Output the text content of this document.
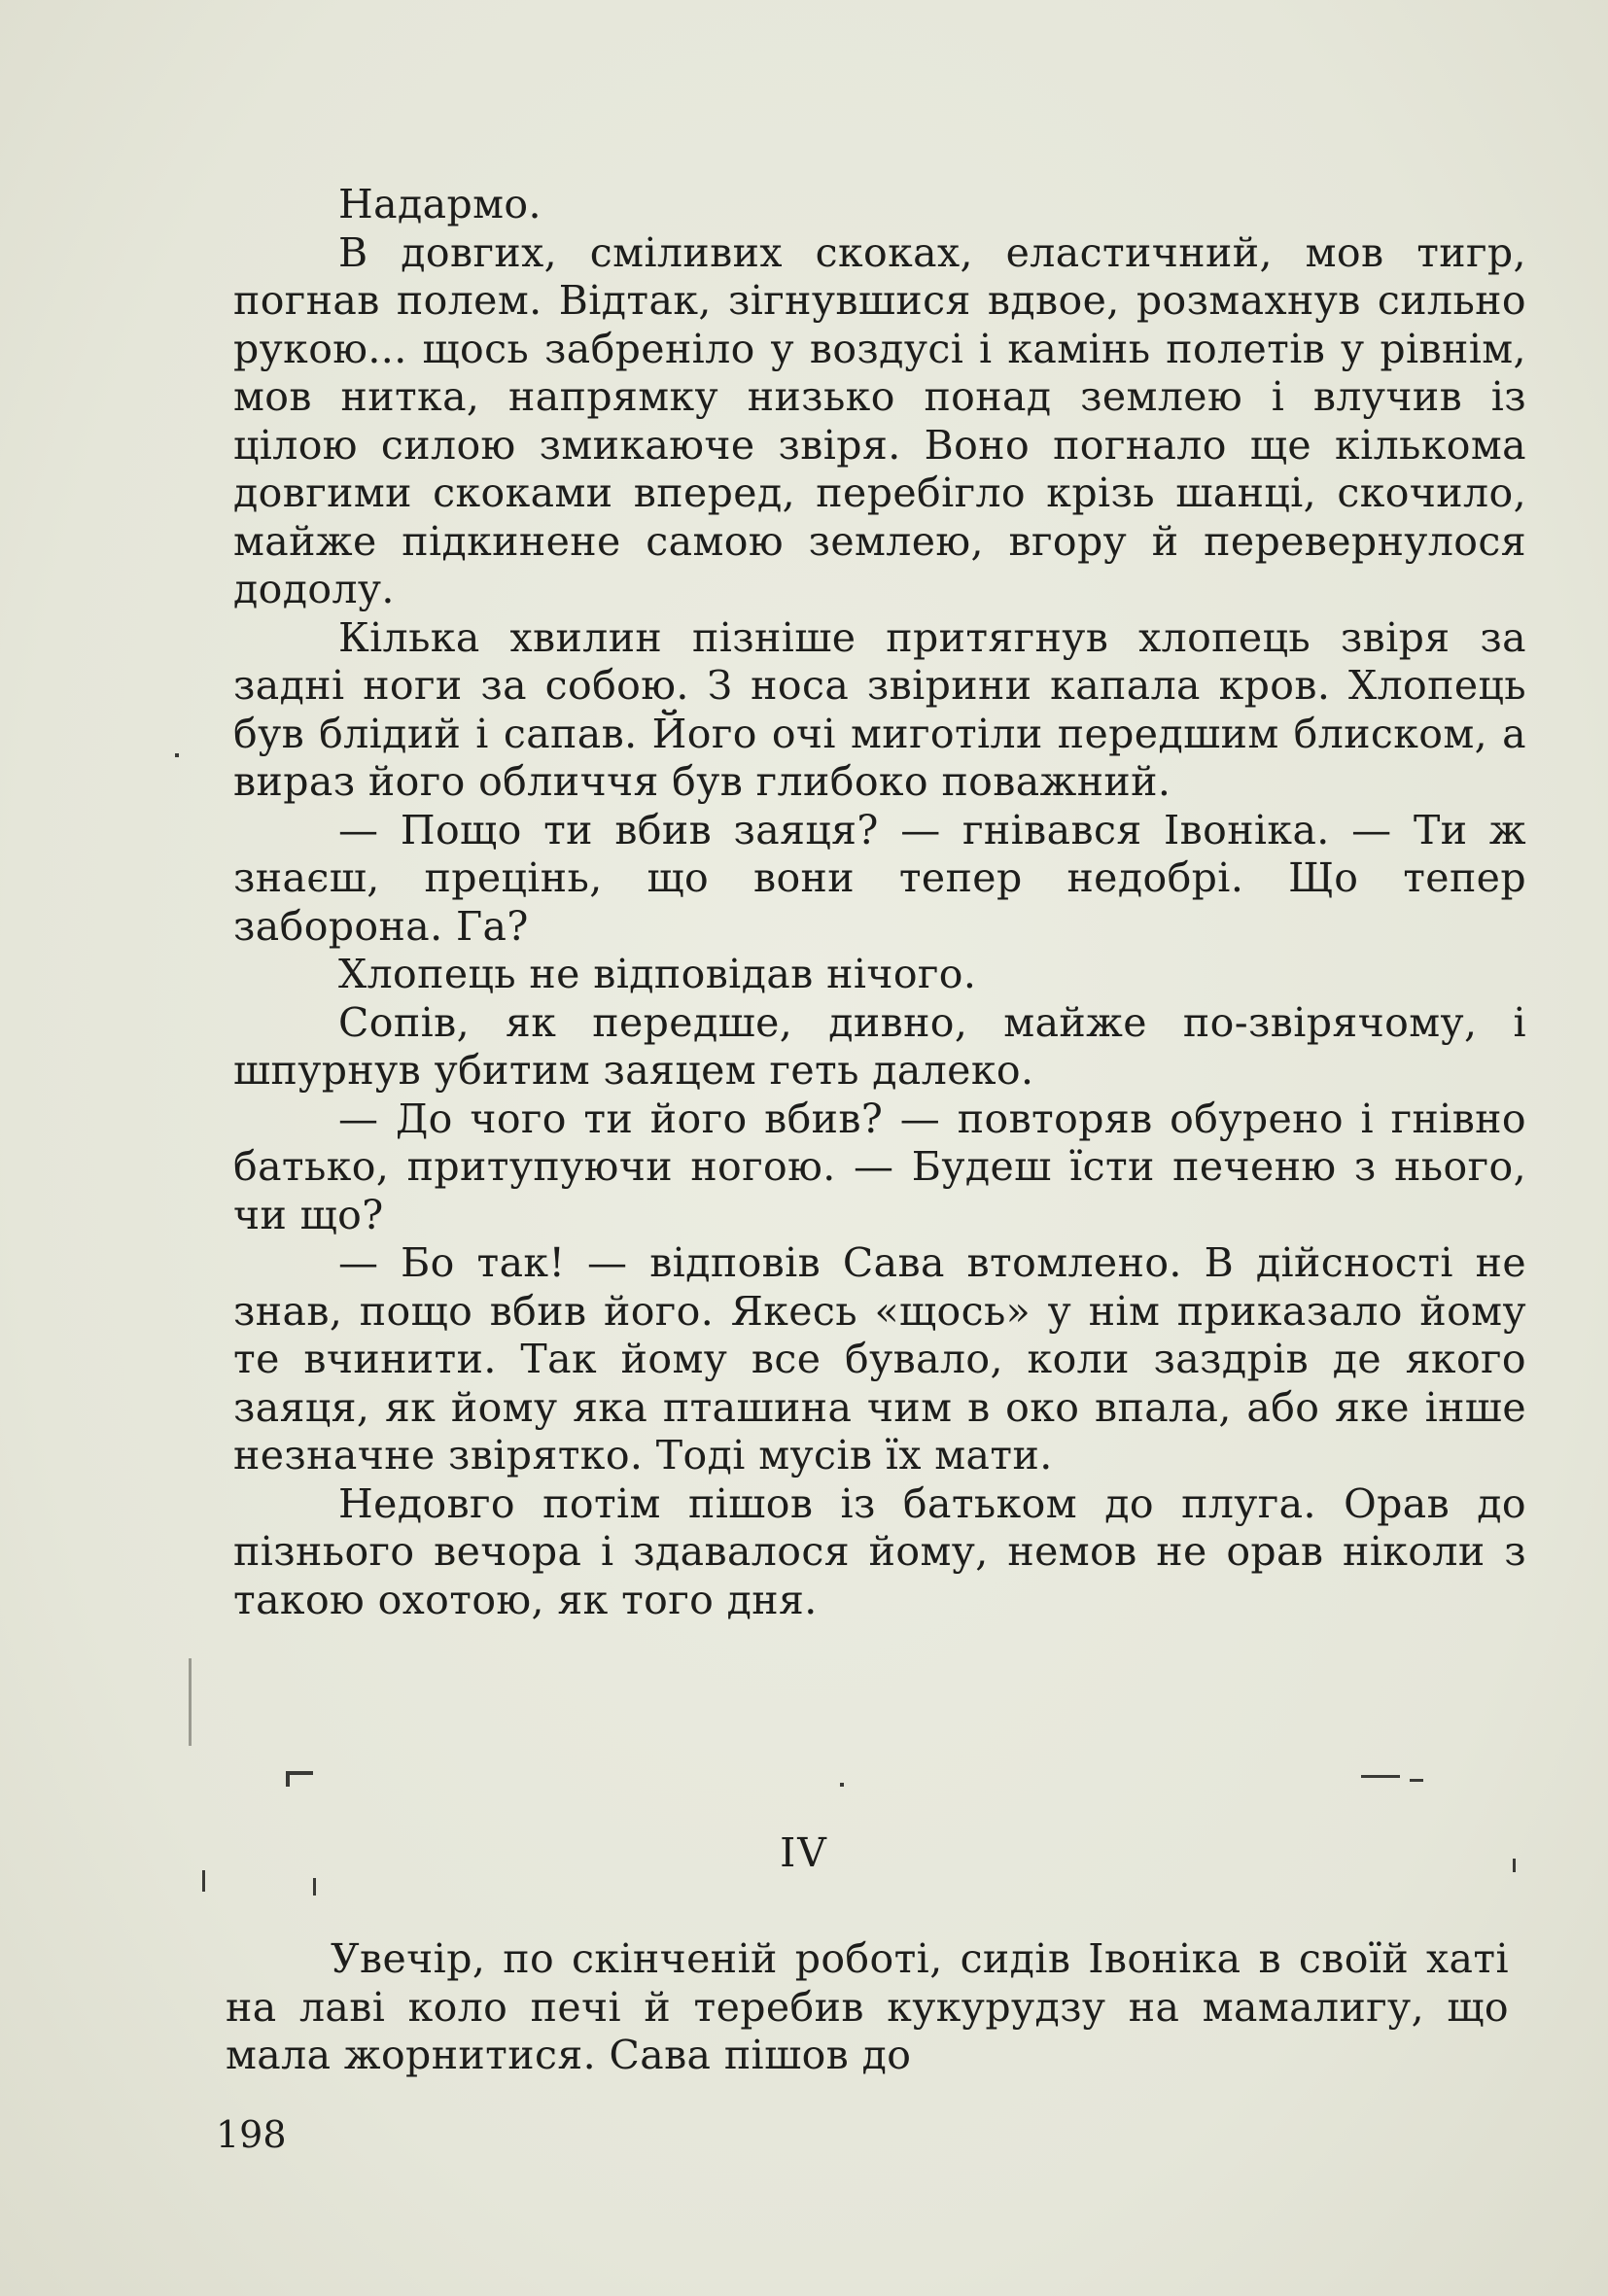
Надармо.

В довгих, сміливих скоках, еластичний, мов тигр, погнав полем. Відтак, зігнувшися вдвое, розмахнув сильно рукою... щось забреніло у воздусі і камінь полетів у рівнім, мов нитка, напрямку низько понад землею і влучив із цілою силою змикаюче звіря. Воно погнало ще кількома довгими скоками вперед, перебігло крізь шанці, скочило, майже підкинене самою землею, вгору й перевернулося додолу.

Кілька хвилин пізніше притягнув хлопець звіря за задні ноги за собою. З носа звірини капала кров. Хлопець був блідий і сапав. Його очі миготіли передшим блиском, а вираз його обличчя був глибоко поважний.

— Пощо ти вбив заяця? — гнівався Івоніка. — Ти ж знаєш, прецінь, що вони тепер недобрі. Що тепер заборона. Га?

Хлопець не відповідав нічого.

Сопів, як передше, дивно, майже по-звірячому, і шпурнув убитим заяцем геть далеко.

— До чого ти його вбив? — повторяв обурено і гнівно батько, притупуючи ногою. — Будеш їсти печеню з нього, чи що?

— Бо так! — відповів Сава втомлено. В дійсності не знав, пощо вбив його. Якесь «щось» у нім приказало йому те вчинити. Так йому все бувало, коли заздрів де якого заяця, як йому яка пташина чим в око впала, або яке інше незначне звірятко. Тоді мусів їх мати.

Недовго потім пішов із батьком до плуга. Орав до пізнього вечора і здавалося йому, немов не орав ніколи з такою охотою, як того дня.

IV

Увечір, по скінченій роботі, сидів Івоніка в своїй хаті на лаві коло печі й теребив кукурудзу на мамалигу, що мала жорнитися. Сава пішов до

198
